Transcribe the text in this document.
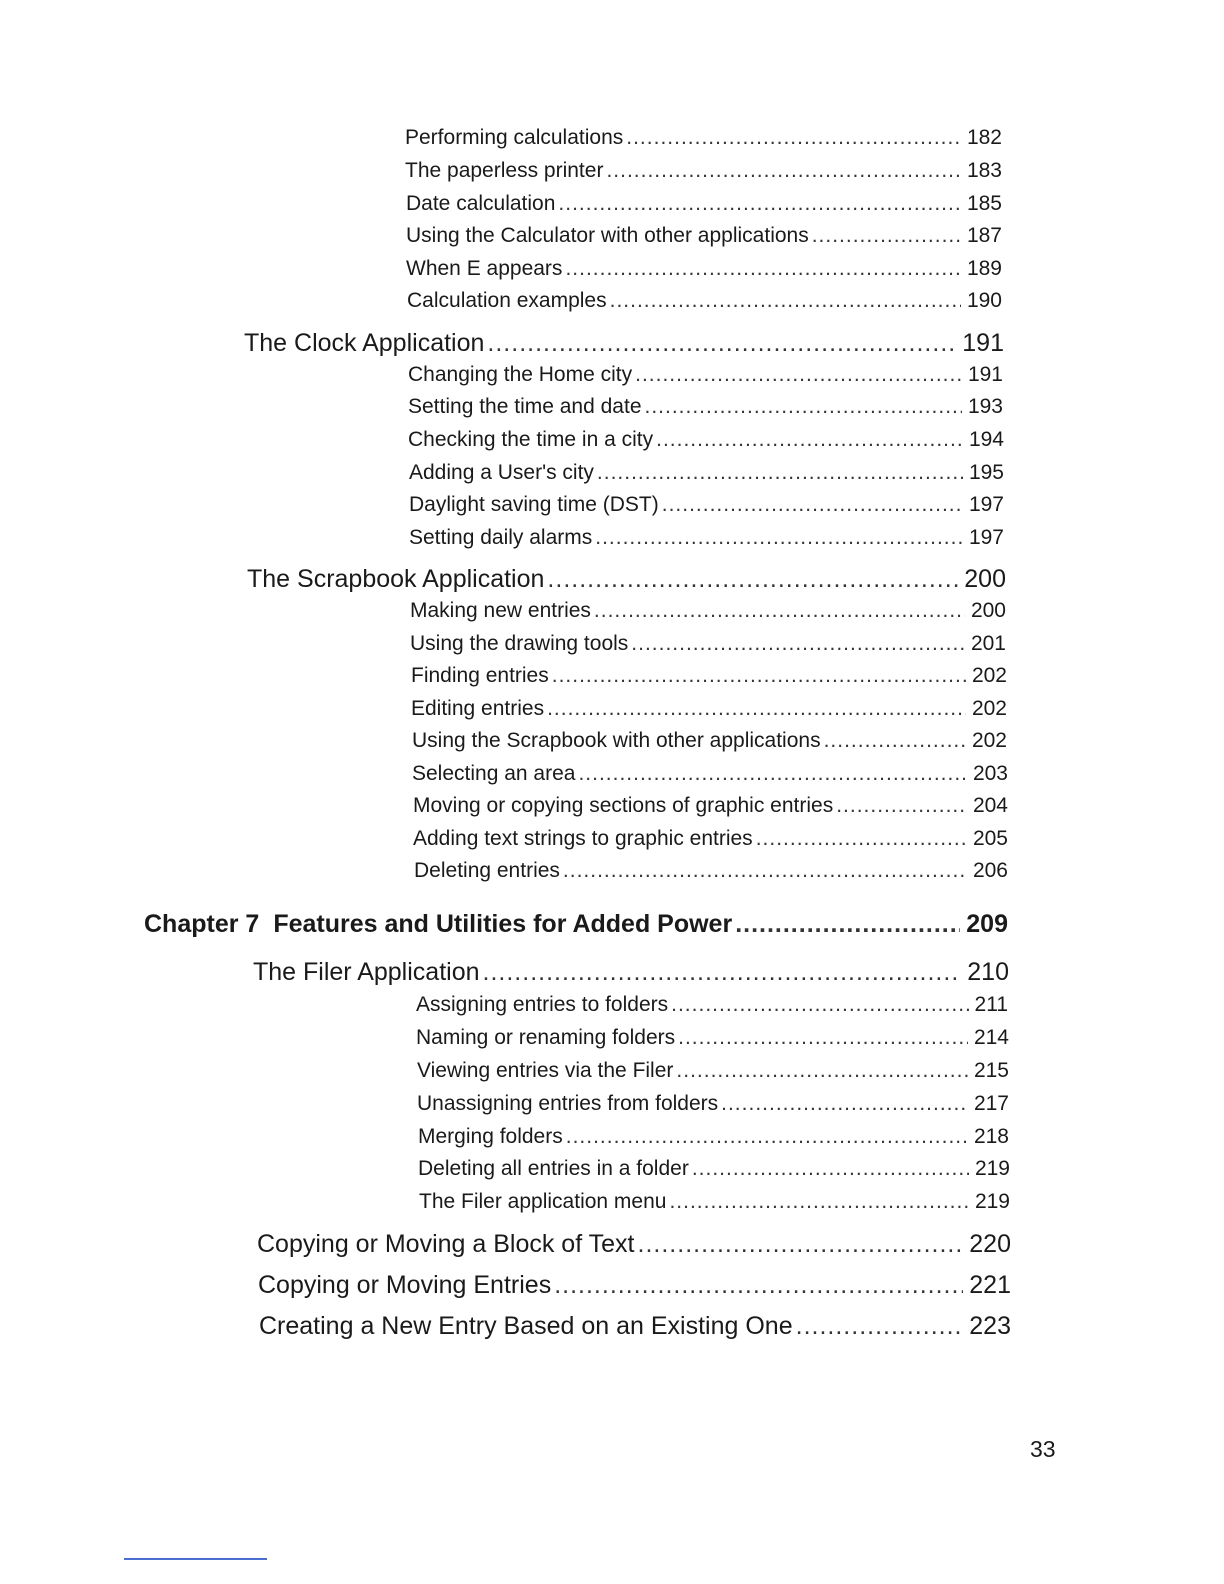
Performing calculations .....	182
The paperless printer .....	183
Date calculation .....	185
Using the Calculator with other applications .....	187
When E appears .....	189
Calculation examples .....	190
The Clock Application .....	191
Changing the Home city .....	191
Setting the time and date .....	193
Checking the time in a city .....	194
Adding a User's city .....	195
Daylight saving time (DST) .....	197
Setting daily alarms .....	197
The Scrapbook Application .....	200
Making new entries .....	200
Using the drawing tools .....	201
Finding entries .....	202
Editing entries .....	202
Using the Scrapbook with other applications .....	202
Selecting an area .....	203
Moving or copying sections of graphic entries .....	204
Adding text strings to graphic entries .....	205
Deleting entries .....	206
Chapter 7 Features and Utilities for Added Power .....	209
The Filer Application .....	210
Assigning entries to folders .....	211
Naming or renaming folders .....	214
Viewing entries via the Filer .....	215
Unassigning entries from folders .....	217
Merging folders .....	218
Deleting all entries in a folder .....	219
The Filer application menu .....	219
Copying or Moving a Block of Text .....	220
Copying or Moving Entries .....	221
Creating a New Entry Based on an Existing One .....	223
33
